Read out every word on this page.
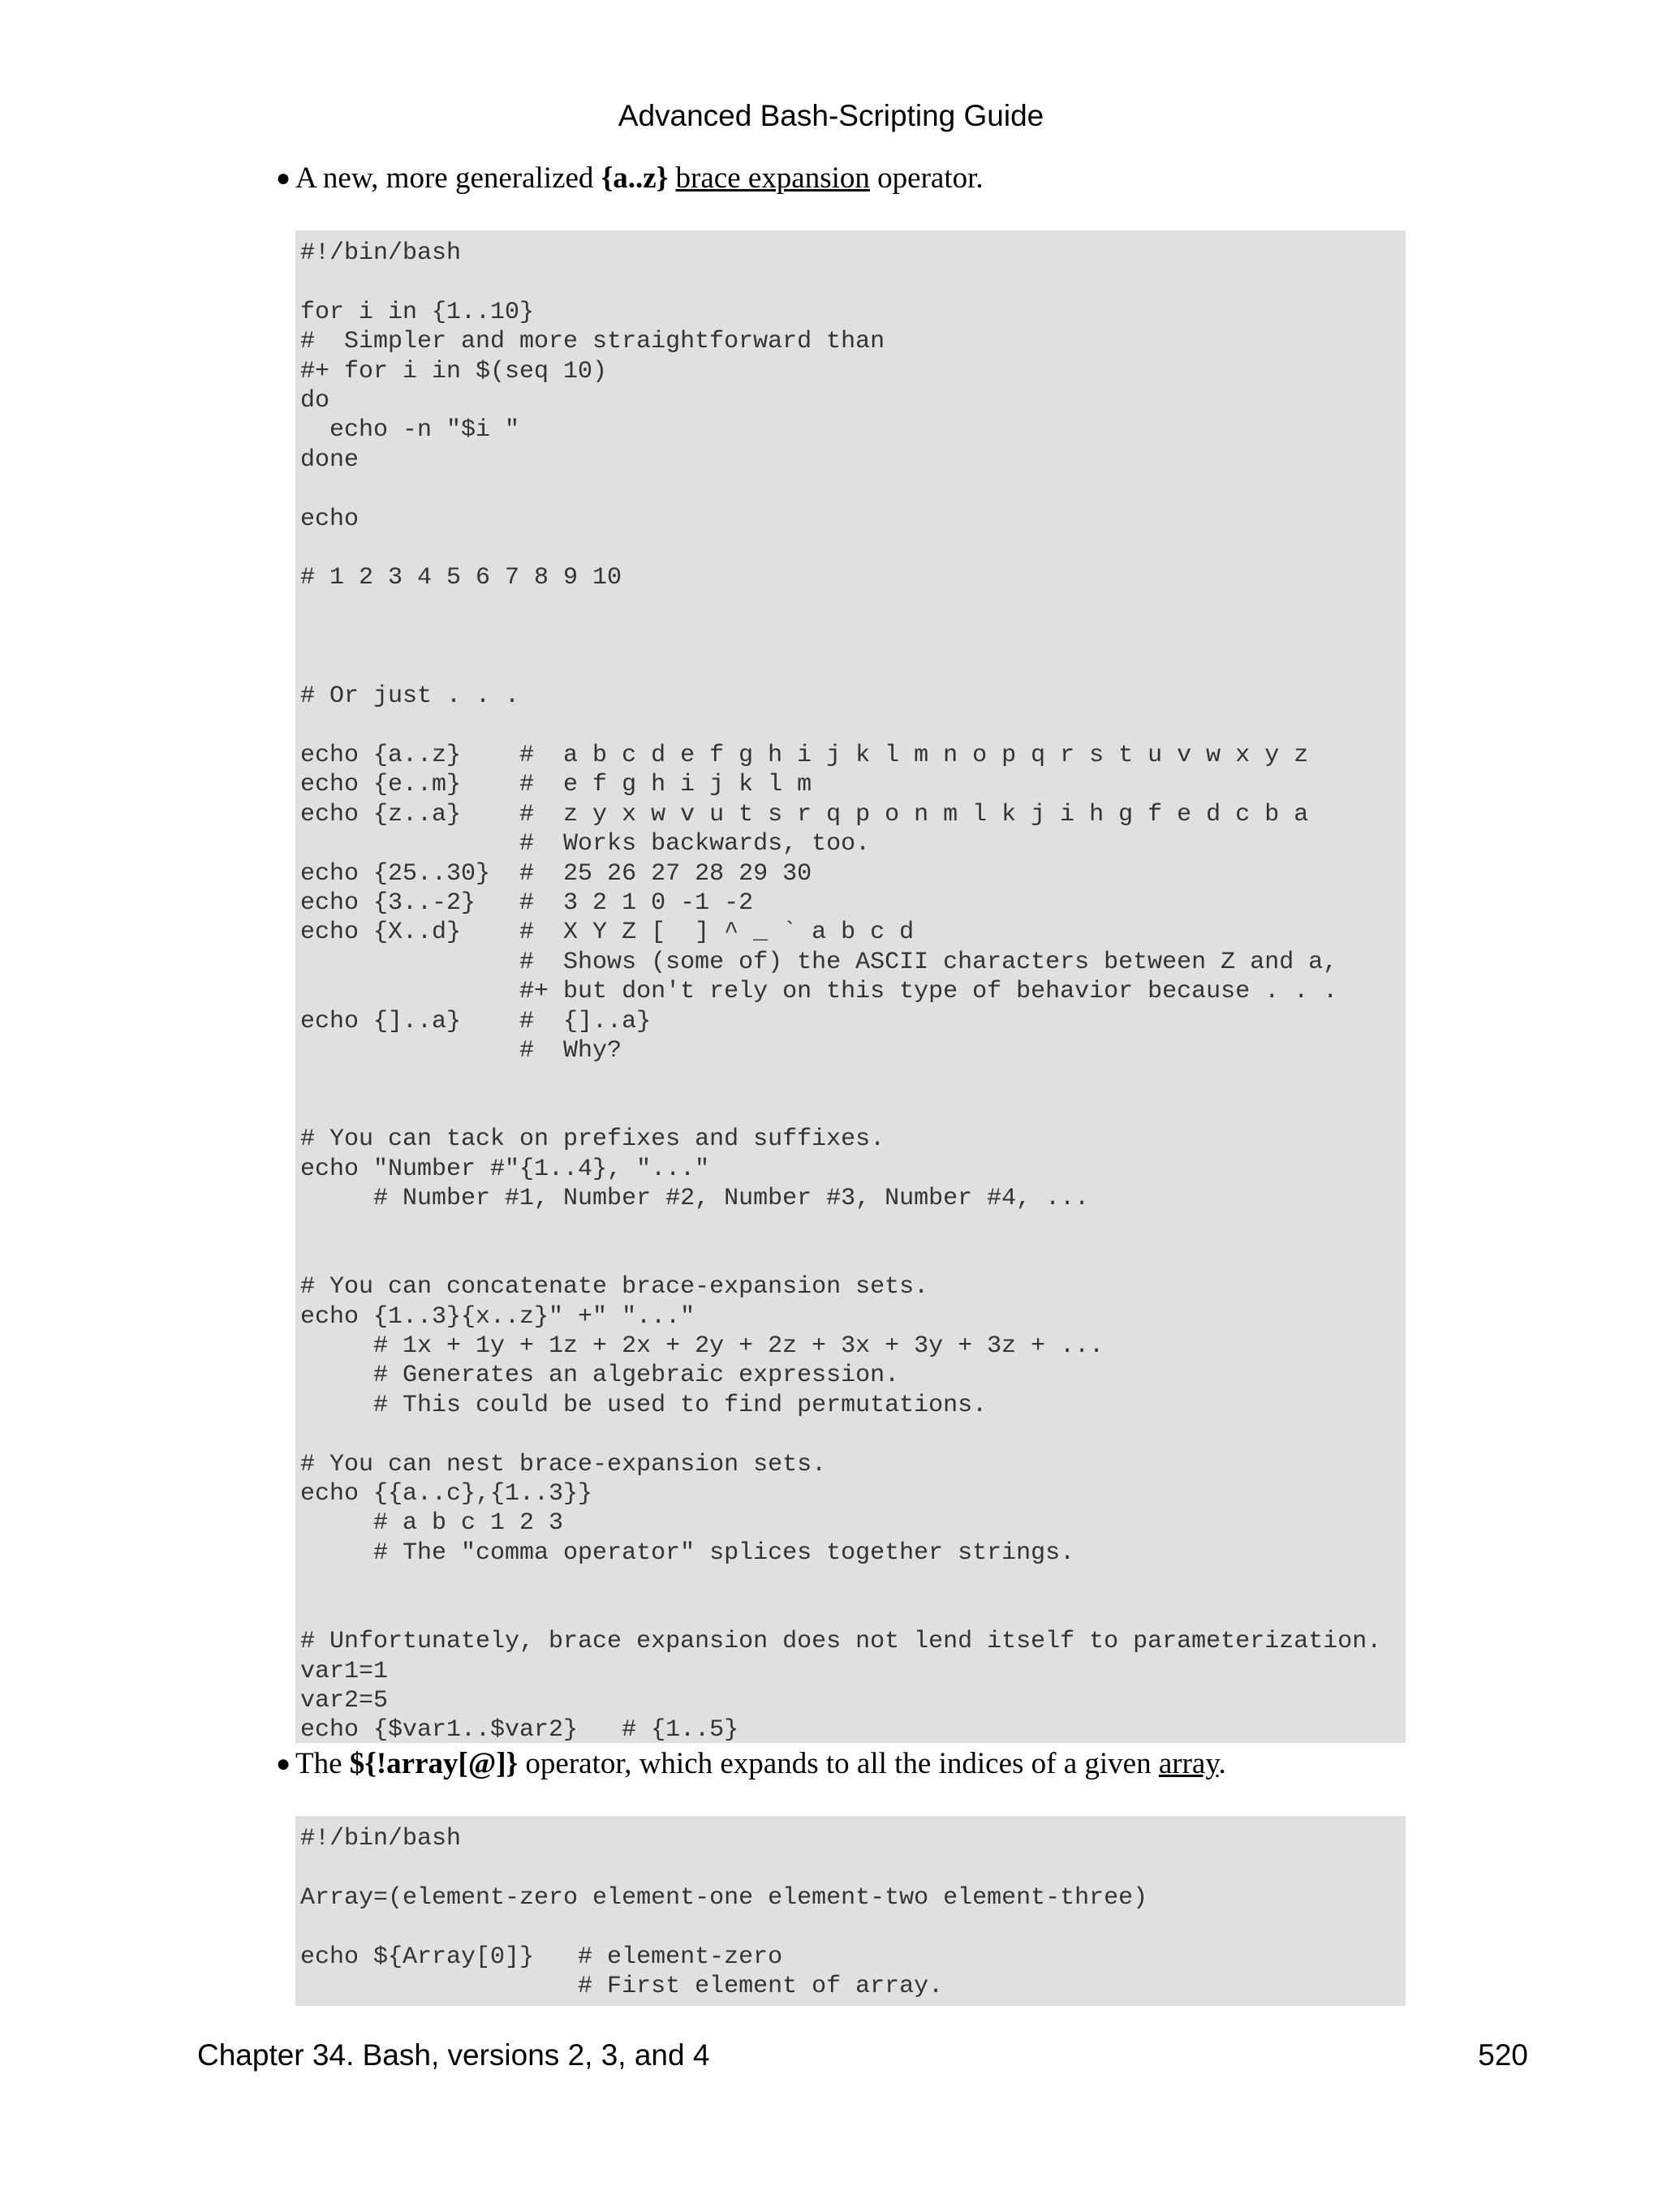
Advanced Bash-Scripting Guide
● A new, more generalized {a..z} brace expansion operator.
#!/bin/bash

for i in {1..10}
#  Simpler and more straightforward than
#+ for i in $(seq 10)
do
echo -n "$i "
done

echo

# 1 2 3 4 5 6 7 8 9 10

# Or just . . .

echo {a..z}    #  a b c d e f g h i j k l m n o p q r s t u v w x y z
echo {e..m}    #  e f g h i j k l m
echo {z..a}    #  z y x w v u t s r q p o n m l k j i h g f e d c b a
#  Works backwards, too.
echo {25..30}  #  25 26 27 28 29 30
echo {3..-2}   #  3 2 1 0 -1 -2
echo {X..d}    #  X Y Z [  ] ^ _ ` a b c d
#  Shows (some of) the ASCII characters between Z and a,
#+ but don't rely on this type of behavior because . . .
echo {]..a}    #  {]..a}
#  Why?

# You can tack on prefixes and suffixes.
echo "Number #"{1..4}, "..."
# Number #1, Number #2, Number #3, Number #4, ...

# You can concatenate brace-expansion sets.
echo {1..3}{x..z}" +" "..."
# 1x + 1y + 1z + 2x + 2y + 2z + 3x + 3y + 3z + ...
# Generates an algebraic expression.
# This could be used to find permutations.

# You can nest brace-expansion sets.
echo {{a..c},{1..3}}
# a b c 1 2 3
# The "comma operator" splices together strings.

# Unfortunately, brace expansion does not lend itself to parameterization.
var1=1
var2=5
echo {$var1..$var2}   # {1..5}
● The ${!array[@]} operator, which expands to all the indices of a given array.
#!/bin/bash

Array=(element-zero element-one element-two element-three)

echo ${Array[0]}   # element-zero
# First element of array.
Chapter 34. Bash, versions 2, 3, and 4	520
